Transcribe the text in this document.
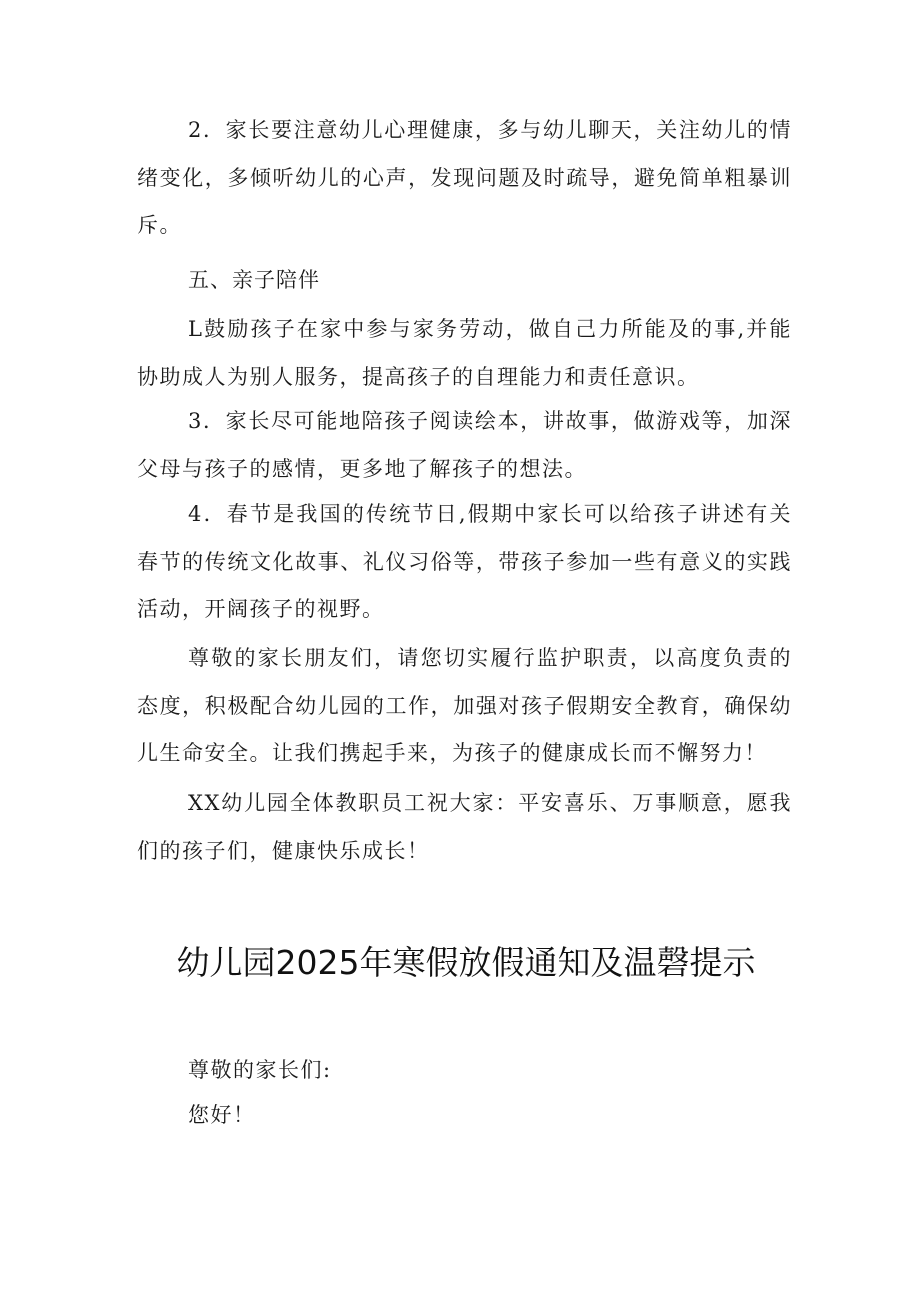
2．家长要注意幼儿心理健康，多与幼儿聊天，关注幼儿的情绪变化，多倾听幼儿的心声，发现问题及时疏导，避免简单粗暴训斥。

五、亲子陪伴

L鼓励孩子在家中参与家务劳动，做自己力所能及的事,并能协助成人为别人服务，提高孩子的自理能力和责任意识。

3．家长尽可能地陪孩子阅读绘本，讲故事，做游戏等，加深父母与孩子的感情，更多地了解孩子的想法。

4．春节是我国的传统节日,假期中家长可以给孩子讲述有关春节的传统文化故事、礼仪习俗等，带孩子参加一些有意义的实践活动，开阔孩子的视野。

尊敬的家长朋友们，请您切实履行监护职责，以高度负责的态度，积极配合幼儿园的工作，加强对孩子假期安全教育，确保幼儿生命安全。让我们携起手来，为孩子的健康成长而不懈努力！

XX幼儿园全体教职员工祝大家：平安喜乐、万事顺意，愿我们的孩子们，健康快乐成长！

幼儿园2025年寒假放假通知及温磬提示

尊敬的家长们:

您好！
